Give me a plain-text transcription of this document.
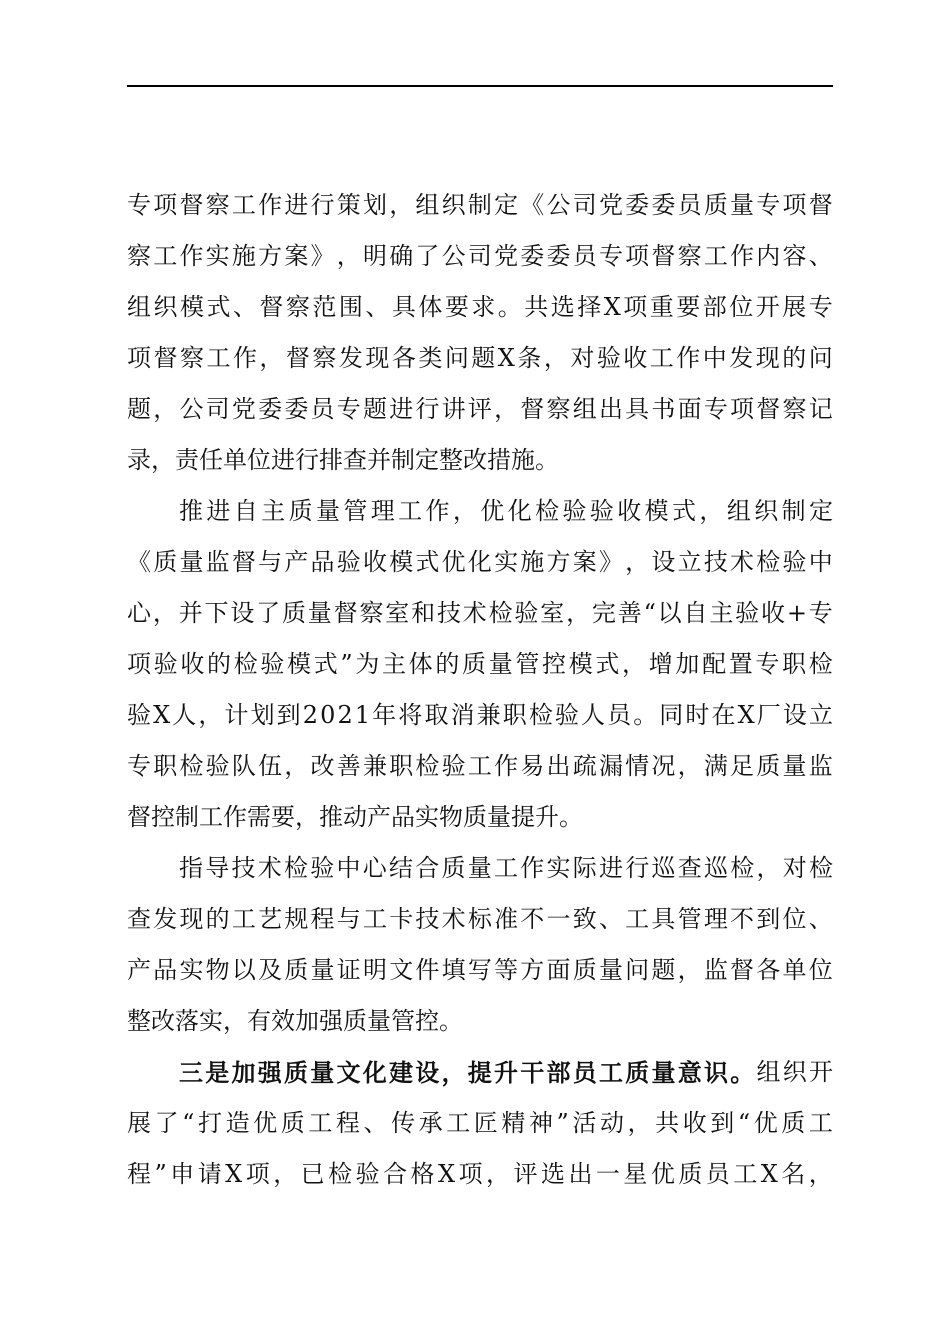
专 项 督 察 工 作 进 行 策 划 ， 组 织 制 定 《 公 司 党 委 委 员 质 量 专 项 督
察 工 作 实 施 方 案 》 ， 明 确 了 公 司 党 委 委 员 专 项 督 察 工 作 内 容 、
组 织 模 式 、 督 察 范 围 、 具 体 要 求 。 共 选 择 X 项 重 要 部 位 开 展 专
项 督 察 工 作 ， 督 察 发 现 各 类 问 题 X 条 ， 对 验 收 工 作 中 发 现 的 问
题 ， 公 司 党 委 委 员 专 题 进 行 讲 评 ， 督 察 组 出 具 书 面 专 项 督 察 记
录，责任单位进行排查并制定整改措施。
推 进 自 主 质 量 管 理 工 作 ， 优 化 检 验 验 收 模 式 ， 组 织 制 定
《 质 量 监 督 与 产 品 验 收 模 式 优 化 实 施 方 案 》 ， 设 立 技 术 检 验 中
心 ， 并 下 设 了 质 量 督 察 室 和 技 术 检 验 室 ， 完 善 “ 以 自 主 验 收 + 专
项 验 收 的 检 验 模 式 ” 为 主 体 的 质 量 管 控 模 式 ， 增 加 配 置 专 职 检
验 X 人 ， 计 划 到 2 0 2 1 年 将 取 消 兼 职 检 验 人 员 。 同 时 在 X 厂 设 立
专 职 检 验 队 伍 ， 改 善 兼 职 检 验 工 作 易 出 疏 漏 情 况 ， 满 足 质 量 监
督控制工作需要，推动产品实物质量提升。
指 导 技 术 检 验 中 心 结 合 质 量 工 作 实 际 进 行 巡 查 巡 检 ， 对 检
查 发 现 的 工 艺 规 程 与 工 卡 技 术 标 准 不 一 致 、 工 具 管 理 不 到 位 、
产 品 实 物 以 及 质 量 证 明 文 件 填 写 等 方 面 质 量 问 题 ， 监 督 各 单 位
整改落实，有效加强质量管控。
三 是 加 强 质 量 文 化 建 设 ， 提 升 干 部 员 工 质 量 意 识 。 组 织 开
展 了 “ 打 造 优 质 工 程 、 传 承 工 匠 精 神 ” 活 动 ， 共 收 到 “ 优 质 工
程 ” 申 请 X 项 ， 已 检 验 合 格 X 项 ， 评 选 出 一 星 优 质 员 工 X 名 ，
